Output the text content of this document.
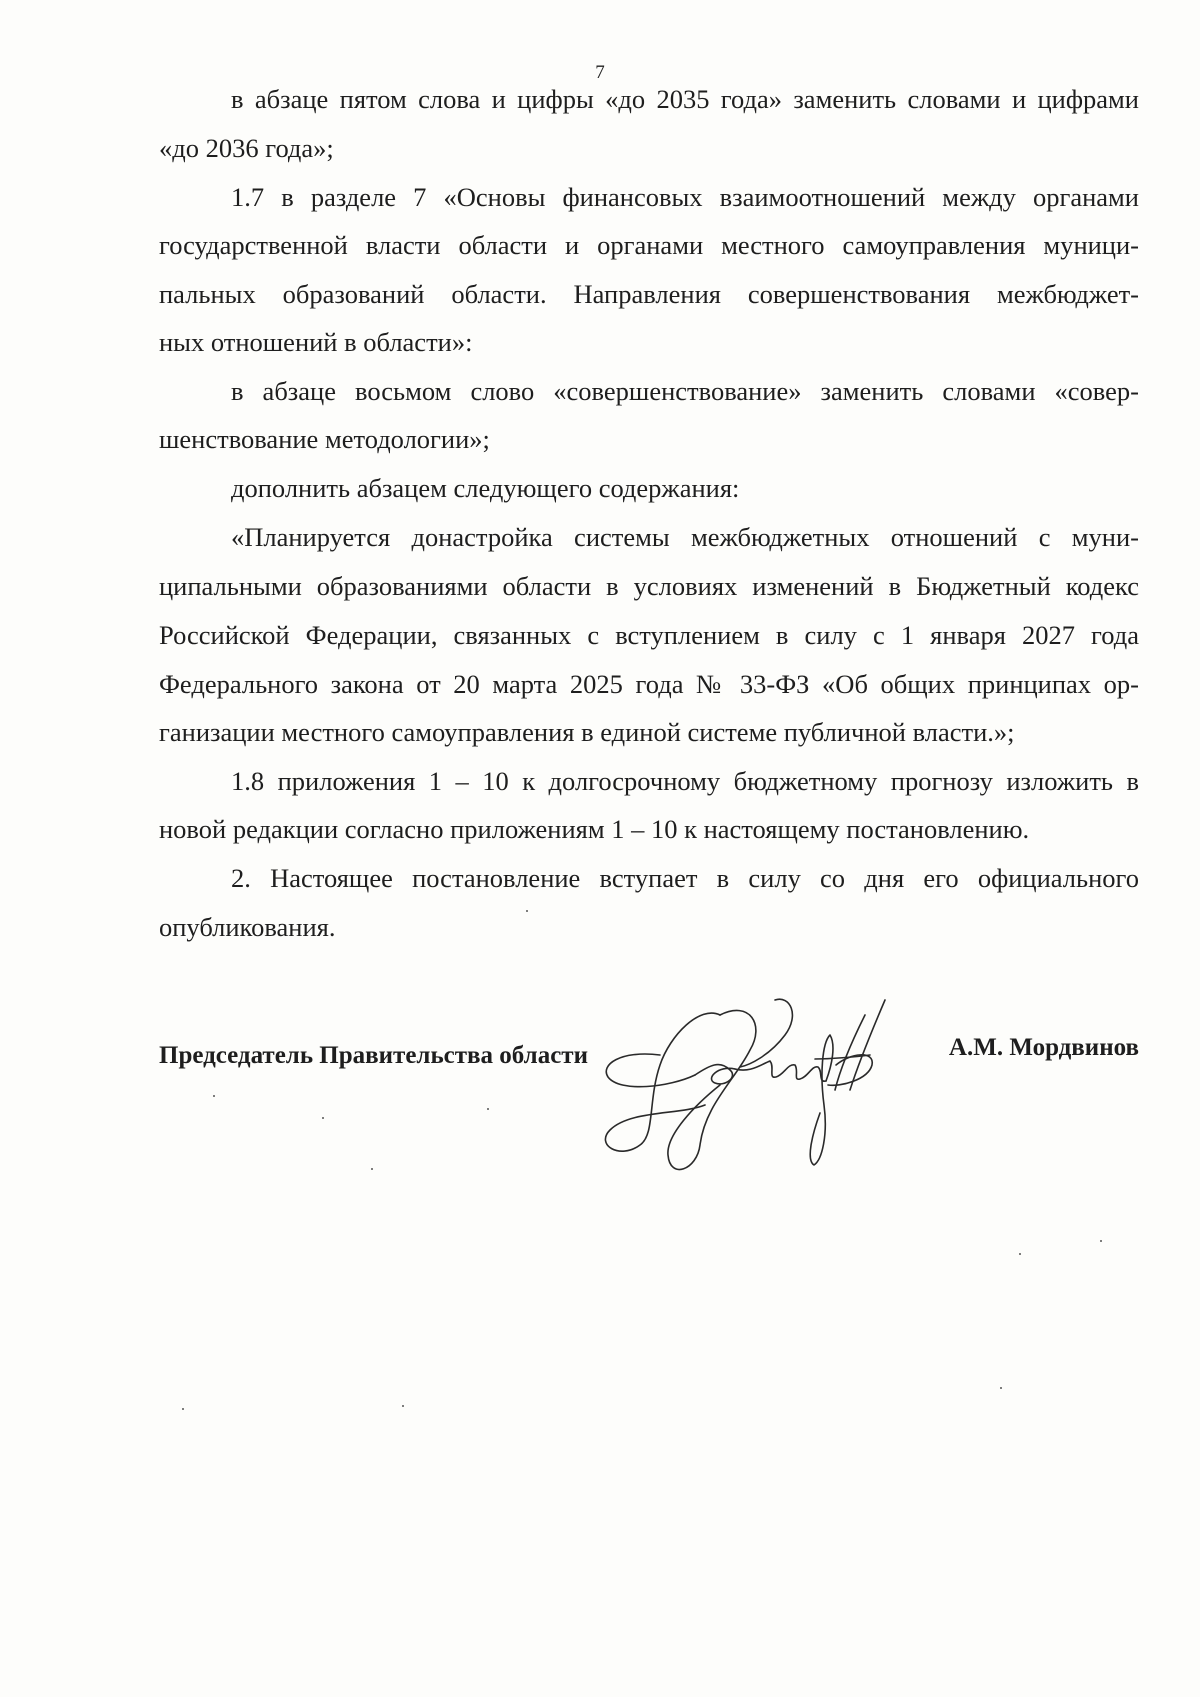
7
в абзаце пятом слова и цифры «до 2035 года» заменить словами и цифрами
«до 2036 года»;
1.7 в разделе 7 «Основы финансовых взаимоотношений между органами
государственной власти области и органами местного самоуправления муници-
пальных образований области. Направления совершенствования межбюджет-
ных отношений в области»:
в абзаце восьмом слово «совершенствование» заменить словами «совер-
шенствование методологии»;
дополнить абзацем следующего содержания:
«Планируется донастройка системы межбюджетных отношений с муни-
ципальными образованиями области в условиях изменений в Бюджетный кодекс
Российской Федерации, связанных с вступлением в силу с 1 января 2027 года
Федерального закона от 20 марта 2025 года № 33-ФЗ «Об общих принципах ор-
ганизации местного самоуправления в единой системе публичной власти.»;
1.8 приложения 1 – 10 к долгосрочному бюджетному прогнозу изложить в
новой редакции согласно приложениям 1 – 10 к настоящему постановлению.
2. Настоящее постановление вступает в силу со дня его официального
опубликования.
Председатель Правительства области	А.М. Мордвинов
